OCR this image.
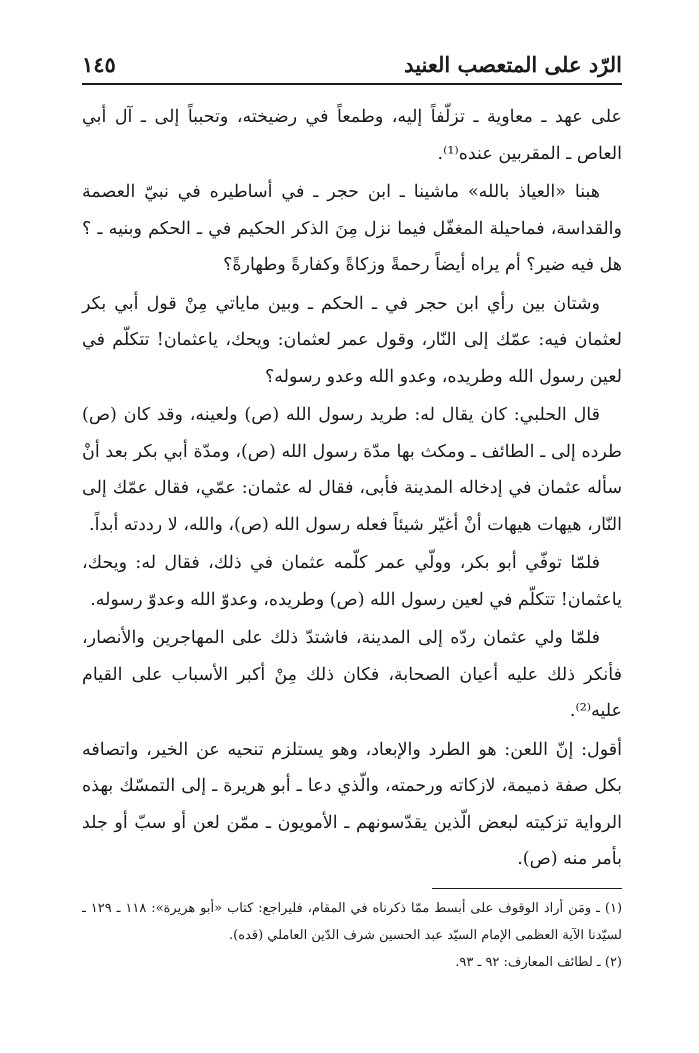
الرّد على المتعصب العنيد
١٤٥

على عهد ـ معاوية ـ تزلّفاً إليه، وطمعاً في رضيخته، وتحبباً إلى ـ آل أبي العاص ـ المقربين عنده⁽¹⁾.

هبنا «العياذ بالله» ماشينا ـ ابن حجر ـ في أساطيره في نبيّ العصمة والقداسة، فماحيلة المغفّل فيما نزل مِنَ الذكر الحكيم في ـ الحكم وبنيه ـ ؟ هل فيه ضير؟ أم يراه أيضاً رحمةً وزكاةً وكفارةً وطهارةً؟

وشتان بين رأي ابن حجر في ـ الحكم ـ وبين ماياتي مِنْ قول أبي بكر لعثمان فيه: عمّك إلى النّار، وقول عمر لعثمان: ويحك، ياعثمان! تتكلّم في لعين رسول الله وطريده، وعدو الله وعدو رسوله؟

قال الحلبي: كان يقال له: طريد رسول الله (ص) ولعينه، وقد كان (ص) طرده إلى ـ الطائف ـ ومكث بها مدّة رسول الله (ص)، ومدّة أبي بكر بعد أنْ سأله عثمان في إدخاله المدينة فأبى، فقال له عثمان: عمّي، فقال عمّك إلى النّار، هيهات هيهات أنْ أغيّر شيئاً فعله رسول الله (ص)، والله، لا رددته أبداً.

فلمّا توفّي أبو بكر، وولّي عمر كلّمه عثمان في ذلك، فقال له: ويحك، ياعثمان! تتكلّم في لعين رسول الله (ص) وطريده، وعدوّ الله وعدوّ رسوله.

فلمّا ولي عثمان ردّه إلى المدينة، فاشتدّ ذلك على المهاجرين والأنصار، فأنكر ذلك عليه أعيان الصحابة، فكان ذلك مِنْ أكبر الأسباب على القيام عليه⁽²⁾.

أقول: إنّ اللعن: هو الطرد والإبعاد، وهو يستلزم تنحيه عن الخير، واتصافه بكل صفة ذميمة، لازكاته ورحمته، والّذي دعا ـ أبو هريرة ـ إلى التمسّك بهذه الرواية تزكيته لبعض الّذين يقدّسونهم ـ الأمويون ـ ممّن لعن أو سبّ أو جلد بأمر منه (ص).

(١) ـ ومَن أراد الوقوف على أبسط ممّا ذكرناه في المقام، فليراجع: كتاب «أبو هريرة»: ١١٨ ـ ١٢٩ ـ لسيّدنا الآية العظمى الإمام السيّد عبد الحسين شرف الدّين العاملي (قده).

(٢) ـ لطائف المعارف: ٩٢ ـ ٩٣.
